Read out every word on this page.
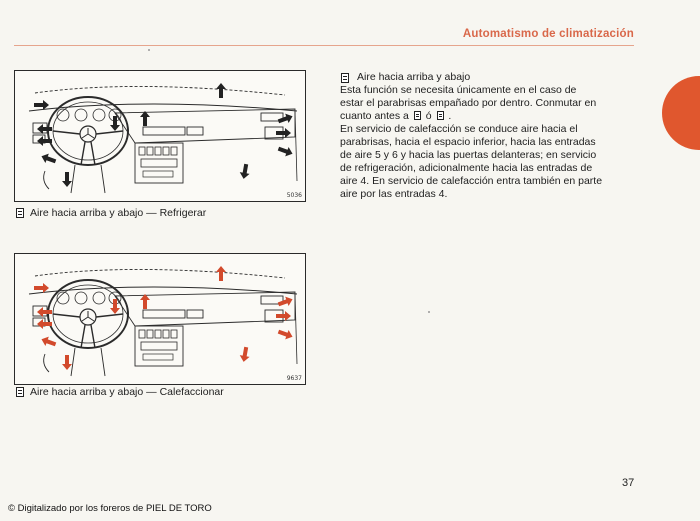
Automatismo de climatización
5036
Aire hacia arriba y abajo — Refrigerar
9637
Aire hacia arriba y abajo — Calefaccionar

Aire hacia arriba y abajo

Esta función se necesita únicamente en el caso de

estar el parabrisas empañado por dentro. Conmutar en

cuanto antes a ó .

En servicio de calefacción se conduce aire hacia el

parabrisas, hacia el espacio inferior, hacia las entradas

de aire 5 y 6 y hacia las puertas delanteras; en servicio

de refrigeración, adicionalmente hacia las entradas de

aire 4. En servicio de calefacción entra también en parte

aire por las entradas 4.

37
© Digitalizado por los foreros de PIEL DE TORO
